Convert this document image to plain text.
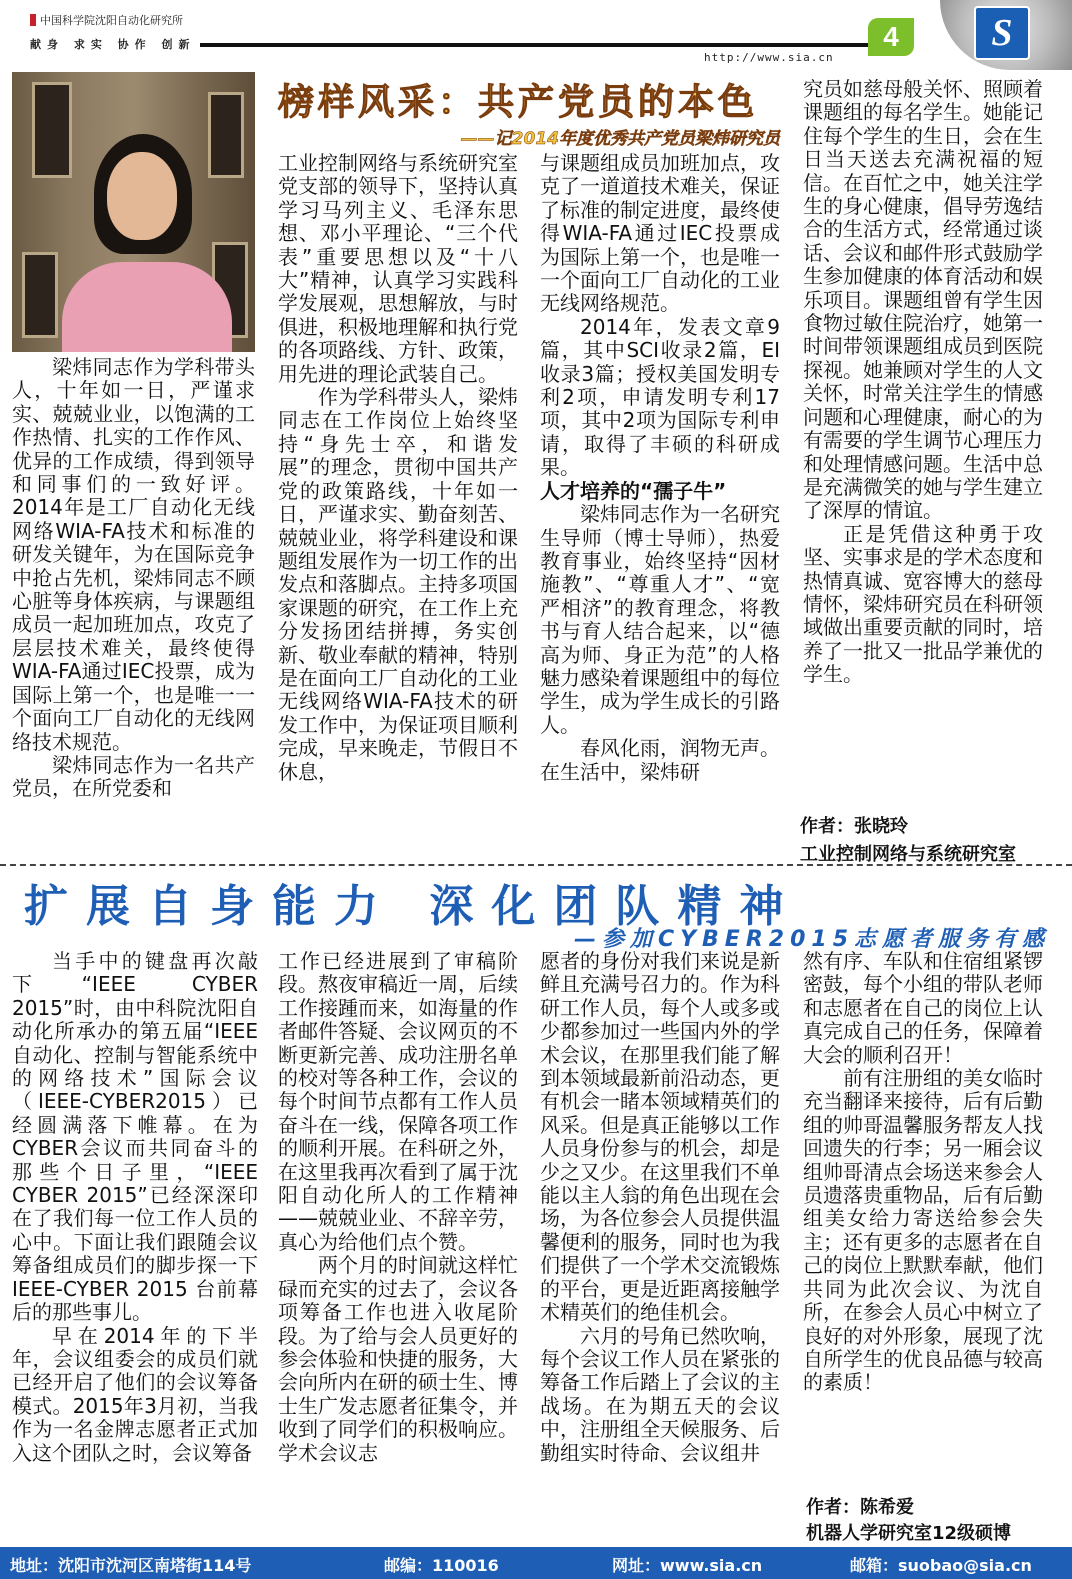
中国科学院沈阳自动化研究所
献身 求实 协作 创新
http://www.sia.cn
4	S
榜样风采：共产党员的本色
——记2014年度优秀共产党员梁炜研究员

梁炜同志作为学科带头人，十年如一日，严谨求实、兢兢业业，以饱满的工作热情、扎实的工作作风、优异的工作成绩，得到领导和同事们的一致好评。2014年是工厂自动化无线网络WIA-FA技术和标准的研发关键年，为在国际竞争中抢占先机，梁炜同志不顾心脏等身体疾病，与课题组成员一起加班加点，攻克了层层技术难关，最终使得WIA-FA通过IEC投票，成为国际上第一个，也是唯一一个面向工厂自动化的无线网络技术规范。

梁炜同志作为一名共产党员，在所党委和

工业控制网络与系统研究室党支部的领导下，坚持认真学习马列主义、毛泽东思想、邓小平理论、“三个代表”重要思想以及“十八大”精神，认真学习实践科学发展观，思想解放，与时俱进，积极地理解和执行党的各项路线、方针、政策，用先进的理论武装自己。

作为学科带头人，梁炜同志在工作岗位上始终坚持“身先士卒，和谐发展”的理念，贯彻中国共产党的政策路线，十年如一日，严谨求实、勤奋刻苦、兢兢业业，将学科建设和课题组发展作为一切工作的出发点和落脚点。主持多项国家课题的研究，在工作上充分发扬团结拼搏，务实创新、敬业奉献的精神，特别是在面向工厂自动化的工业无线网络WIA-FA技术的研发工作中，为保证项目顺利完成，早来晚走，节假日不休息，

与课题组成员加班加点，攻克了一道道技术难关，保证了标准的制定进度，最终使得WIA-FA通过IEC投票成为国际上第一个，也是唯一一个面向工厂自动化的工业无线网络规范。

2014年，发表文章9篇，其中SCI收录2篇，EI收录3篇；授权美国发明专利2项，申请发明专利17项，其中2项为国际专利申请，取得了丰硕的科研成果。

人才培养的“孺子牛”

梁炜同志作为一名研究生导师（博士导师），热爱教育事业，始终坚持“因材施教”、“尊重人才”、“宽严相济”的教育理念，将教书与育人结合起来，以“德高为师、身正为范”的人格魅力感染着课题组中的每位学生，成为学生成长的引路人。

春风化雨，润物无声。在生活中，梁炜研

究员如慈母般关怀、照顾着课题组的每名学生。她能记住每个学生的生日，会在生日当天送去充满祝福的短信。在百忙之中，她关注学生的身心健康，倡导劳逸结合的生活方式，经常通过谈话、会议和邮件形式鼓励学生参加健康的体育活动和娱乐项目。课题组曾有学生因食物过敏住院治疗，她第一时间带领课题组成员到医院探视。她兼顾对学生的人文关怀，时常关注学生的情感问题和心理健康，耐心的为有需要的学生调节心理压力和处理情感问题。生活中总是充满微笑的她与学生建立了深厚的情谊。

正是凭借这种勇于攻坚、实事求是的学术态度和热情真诚、宽容博大的慈母情怀，梁炜研究员在科研领域做出重要贡献的同时，培养了一批又一批品学兼优的学生。

作者：张晓玲
工业控制网络与系统研究室
扩展自身能力 深化团队精神
—参加CYBER2015志愿者服务有感

当手中的键盘再次敲下“IEEE CYBER 2015”时，由中科院沈阳自动化所承办的第五届“IEEE自动化、控制与智能系统中的网络技术”国际会议（IEEE-CYBER2015）已经圆满落下帷幕。在为CYBER会议而共同奋斗的那些个日子里，“IEEE CYBER 2015”已经深深印在了我们每一位工作人员的心中。下面让我们跟随会议筹备组成员们的脚步探一下IEEE-CYBER 2015 台前幕后的那些事儿。

早在2014年的下半年，会议组委会的成员们就已经开启了他们的会议筹备模式。2015年3月初，当我作为一名金牌志愿者正式加入这个团队之时，会议筹备

工作已经进展到了审稿阶段。熬夜审稿近一周，后续工作接踵而来，如海量的作者邮件答疑、会议网页的不断更新完善、成功注册名单的校对等各种工作，会议的每个时间节点都有工作人员奋斗在一线，保障各项工作的顺利开展。在科研之外，在这里我再次看到了属于沈阳自动化所人的工作精神——兢兢业业、不辞辛劳，真心为给他们点个赞。

两个月的时间就这样忙碌而充实的过去了，会议各项筹备工作也进入收尾阶段。为了给与会人员更好的参会体验和快捷的服务，大会向所内在研的硕士生、博士生广发志愿者征集令，并收到了同学们的积极响应。学术会议志

愿者的身份对我们来说是新鲜且充满号召力的。作为科研工作人员，每个人或多或少都参加过一些国内外的学术会议，在那里我们能了解到本领域最新前沿动态，更有机会一睹本领域精英们的风采。但是真正能够以工作人员身份参与的机会，却是少之又少。在这里我们不单能以主人翁的角色出现在会场，为各位参会人员提供温馨便利的服务，同时也为我们提供了一个学术交流锻炼的平台，更是近距离接触学术精英们的绝佳机会。

六月的号角已然吹响，每个会议工作人员在紧张的筹备工作后踏上了会议的主战场。在为期五天的会议中，注册组全天候服务、后勤组实时待命、会议组井

然有序、车队和住宿组紧锣密鼓，每个小组的带队老师和志愿者在自己的岗位上认真完成自己的任务，保障着大会的顺利召开！

前有注册组的美女临时充当翻译来接待，后有后勤组的帅哥温馨服务帮友人找回遗失的行李；另一厢会议组帅哥清点会场送来参会人员遗落贵重物品，后有后勤组美女给力寄送给参会失主；还有更多的志愿者在自己的岗位上默默奉献，他们共同为此次会议、为沈自所，在参会人员心中树立了良好的对外形象，展现了沈自所学生的优良品德与较高的素质！

作者：陈希爱
机器人学研究室12级硕博
地址：沈阳市沈河区南塔街114号	邮编：110016	网址：www.sia.cn	邮箱：suobao@sia.cn
